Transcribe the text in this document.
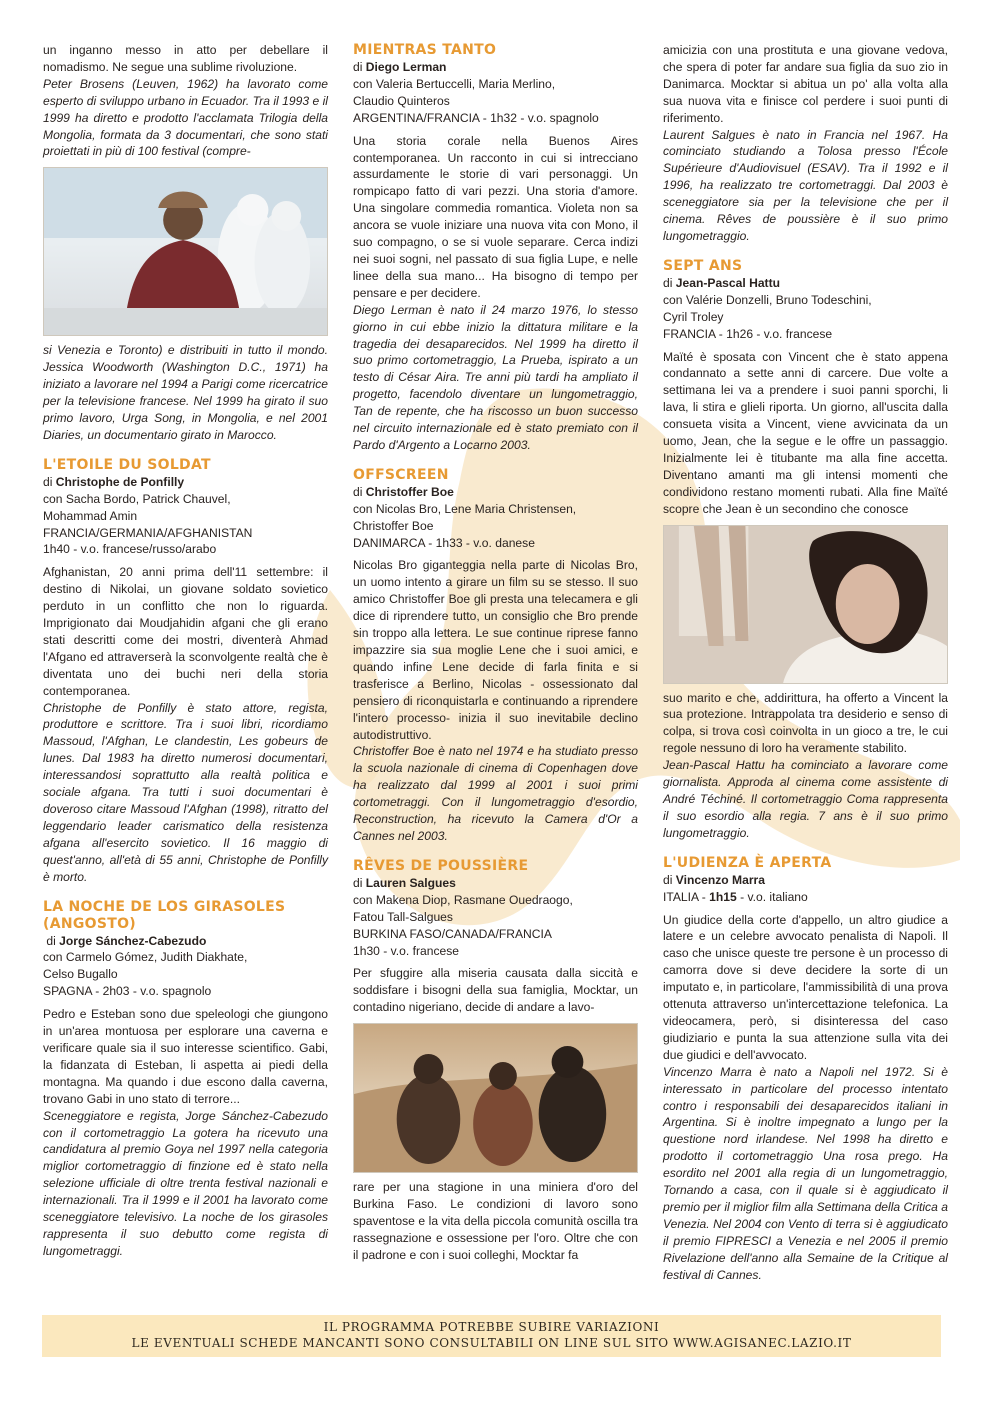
un inganno messo in atto per debellare il nomadismo. Ne segue una sublime rivoluzione.

Peter Brosens (Leuven, 1962) ha lavorato come esperto di sviluppo urbano in Ecuador. Tra il 1993 e il 1999 ha diretto e prodotto l'acclamata Trilogia della Mongolia, formata da 3 documentari, che sono stati proiettati in più di 100 festival (compre-

si Venezia e Toronto) e distribuiti in tutto il mondo. Jessica Woodworth (Washington D.C., 1971) ha iniziato a lavorare nel 1994 a Parigi come ricercatrice per la televisione francese. Nel 1999 ha girato il suo primo lavoro, Urga Song, in Mongolia, e nel 2001 Diaries, un documentario girato in Marocco.

L'ETOILE DU SOLDAT

di Christophe de Ponfilly

con Sacha Bordo, Patrick Chauvel,

Mohammad Amin

FRANCIA/GERMANIA/AFGHANISTAN

1h40 - v.o. francese/russo/arabo

Afghanistan, 20 anni prima dell'11 settembre: il destino di Nikolai, un giovane soldato sovietico perduto in un conflitto che non lo riguarda. Imprigionato dai Moudjahidin afgani che gli erano stati descritti come dei mostri, diventerà Ahmad l'Afgano ed attraverserà la sconvolgente realtà che è diventata uno dei buchi neri della storia contemporanea.

Christophe de Ponfilly è stato attore, regista, produttore e scrittore. Tra i suoi libri, ricordiamo Massoud, l'Afghan, Le clandestin, Les gobeurs de lunes. Dal 1983 ha diretto numerosi documentari, interessandosi soprattutto alla realtà politica e sociale afgana. Tra tutti i suoi documentari è doveroso citare Massoud l'Afghan (1998), ritratto del leggendario leader carismatico della resistenza afgana all'esercito sovietico. Il 16 maggio di quest'anno, all'età di 55 anni, Christophe de Ponfilly è morto.

LA NOCHE DE LOS GIRASOLES (ANGOSTO)

di Jorge Sánchez-Cabezudo

con Carmelo Gómez, Judith Diakhate,

Celso Bugallo

SPAGNA - 2h03 - v.o. spagnolo

Pedro e Esteban sono due speleologi che giungono in un'area montuosa per esplorare una caverna e verificare quale sia il suo interesse scientifico. Gabi, la fidanzata di Esteban, li aspetta ai piedi della montagna. Ma quando i due escono dalla caverna, trovano Gabi in uno stato di terrore...

Sceneggiatore e regista, Jorge Sánchez-Cabezudo con il cortometraggio La gotera ha ricevuto una candidatura al premio Goya nel 1997 nella categoria miglior cortometraggio di finzione ed è stato nella selezione ufficiale di oltre trenta festival nazionali e internazionali. Tra il 1999 e il 2001 ha lavorato come sceneggiatore televisivo. La noche de los girasoles rappresenta il suo debutto come regista di lungometraggi.

MIENTRAS TANTO

di Diego Lerman

con Valeria Bertuccelli, Maria Merlino,

Claudio Quinteros

ARGENTINA/FRANCIA - 1h32 - v.o. spagnolo

Una storia corale nella Buenos Aires contemporanea. Un racconto in cui si intrecciano assurdamente le storie di vari personaggi. Un rompicapo fatto di vari pezzi. Una storia d'amore. Una singolare commedia romantica. Violeta non sa ancora se vuole iniziare una nuova vita con Mono, il suo compagno, o se si vuole separare. Cerca indizi nei suoi sogni, nel passato di sua figlia Lupe, e nelle linee della sua mano... Ha bisogno di tempo per pensare e per decidere.

Diego Lerman è nato il 24 marzo 1976, lo stesso giorno in cui ebbe inizio la dittatura militare e la tragedia dei desaparecidos. Nel 1999 ha diretto il suo primo cortometraggio, La Prueba, ispirato a un testo di César Aira. Tre anni più tardi ha ampliato il progetto, facendolo diventare un lungometraggio, Tan de repente, che ha riscosso un buon successo nel circuito internazionale ed è stato premiato con il Pardo d'Argento a Locarno 2003.

OFFSCREEN

di Christoffer Boe

con Nicolas Bro, Lene Maria Christensen,

Christoffer Boe

DANIMARCA - 1h33 - v.o. danese

Nicolas Bro giganteggia nella parte di Nicolas Bro, un uomo intento a girare un film su se stesso. Il suo amico Christoffer Boe gli presta una telecamera e gli dice di riprendere tutto, un consiglio che Bro prende sin troppo alla lettera. Le sue continue riprese fanno impazzire sia sua moglie Lene che i suoi amici, e quando infine Lene decide di farla finita e si trasferisce a Berlino, Nicolas - ossessionato dal pensiero di riconquistarla e continuando a riprendere l'intero processo- inizia il suo inevitabile declino autodistruttivo.

Christoffer Boe è nato nel 1974 e ha studiato presso la scuola nazionale di cinema di Copenhagen dove ha realizzato dal 1999 al 2001 i suoi primi cortometraggi. Con il lungometraggio d'esordio, Reconstruction, ha ricevuto la Camera d'Or a Cannes nel 2003.

RÊVES DE POUSSIÈRE

di Lauren Salgues

con Makena Diop, Rasmane Ouedraogo,

Fatou Tall-Salgues

BURKINA FASO/CANADA/FRANCIA

1h30 - v.o. francese

Per sfuggire alla miseria causata dalla siccità e soddisfare i bisogni della sua famiglia, Mocktar, un contadino nigeriano, decide di andare a lavo-

rare per una stagione in una miniera d'oro del Burkina Faso. Le condizioni di lavoro sono spaventose e la vita della piccola comunità oscilla tra rassegnazione e ossessione per l'oro. Oltre che con il padrone e con i suoi colleghi, Mocktar fa

amicizia con una prostituta e una giovane vedova, che spera di poter far andare sua figlia da suo zio in Danimarca. Mocktar si abitua un po' alla volta alla sua nuova vita e finisce col perdere i suoi punti di riferimento.

Laurent Salgues è nato in Francia nel 1967. Ha cominciato studiando a Tolosa presso l'École Supérieure d'Audiovisuel (ESAV). Tra il 1992 e il 1996, ha realizzato tre cortometraggi. Dal 2003 è sceneggiatore sia per la televisione che per il cinema. Rêves de poussière è il suo primo lungometraggio.

SEPT ANS

di Jean-Pascal Hattu

con Valérie Donzelli, Bruno Todeschini,

Cyril Troley

FRANCIA - 1h26 - v.o. francese

Maïté è sposata con Vincent che è stato appena condannato a sette anni di carcere. Due volte a settimana lei va a prendere i suoi panni sporchi, li lava, li stira e glieli riporta. Un giorno, all'uscita dalla consueta visita a Vincent, viene avvicinata da un uomo, Jean, che la segue e le offre un passaggio. Inizialmente lei è titubante ma alla fine accetta. Diventano amanti ma gli intensi momenti che condividono restano momenti rubati. Alla fine Maïté scopre che Jean è un secondino che conosce

suo marito e che, addirittura, ha offerto a Vincent la sua protezione. Intrappolata tra desiderio e senso di colpa, si trova così coinvolta in un gioco a tre, le cui regole nessuno di loro ha veramente stabilito.

Jean-Pascal Hattu ha cominciato a lavorare come giornalista. Approda al cinema come assistente di André Téchiné. Il cortometraggio Coma rappresenta il suo esordio alla regia. 7 ans è il suo primo lungometraggio.

L'UDIENZA È APERTA

di Vincenzo Marra

ITALIA - 1h15 - v.o. italiano

Un giudice della corte d'appello, un altro giudice a latere e un celebre avvocato penalista di Napoli. Il caso che unisce queste tre persone è un processo di camorra dove si deve decidere la sorte di un imputato e, in particolare, l'ammissibilità di una prova ottenuta attraverso un'intercettazione telefonica. La videocamera, però, si disinteressa del caso giudiziario e punta la sua attenzione sulla vita dei due giudici e dell'avvocato.

Vincenzo Marra è nato a Napoli nel 1972. Si è interessato in particolare del processo intentato contro i responsabili dei desaparecidos italiani in Argentina. Si è inoltre impegnato a lungo per la questione nord irlandese. Nel 1998 ha diretto e prodotto il cortometraggio Una rosa prego. Ha esordito nel 2001 alla regia di un lungometraggio, Tornando a casa, con il quale si è aggiudicato il premio per il miglior film alla Settimana della Critica a Venezia. Nel 2004 con Vento di terra si è aggiudicato il premio FIPRESCI a Venezia e nel 2005 il premio Rivelazione dell'anno alla Semaine de la Critique al festival di Cannes.

IL PROGRAMMA POTREBBE SUBIRE VARIAZIONI
LE EVENTUALI SCHEDE MANCANTI SONO CONSULTABILI ON LINE SUL SITO WWW.AGISANEC.LAZIO.IT
